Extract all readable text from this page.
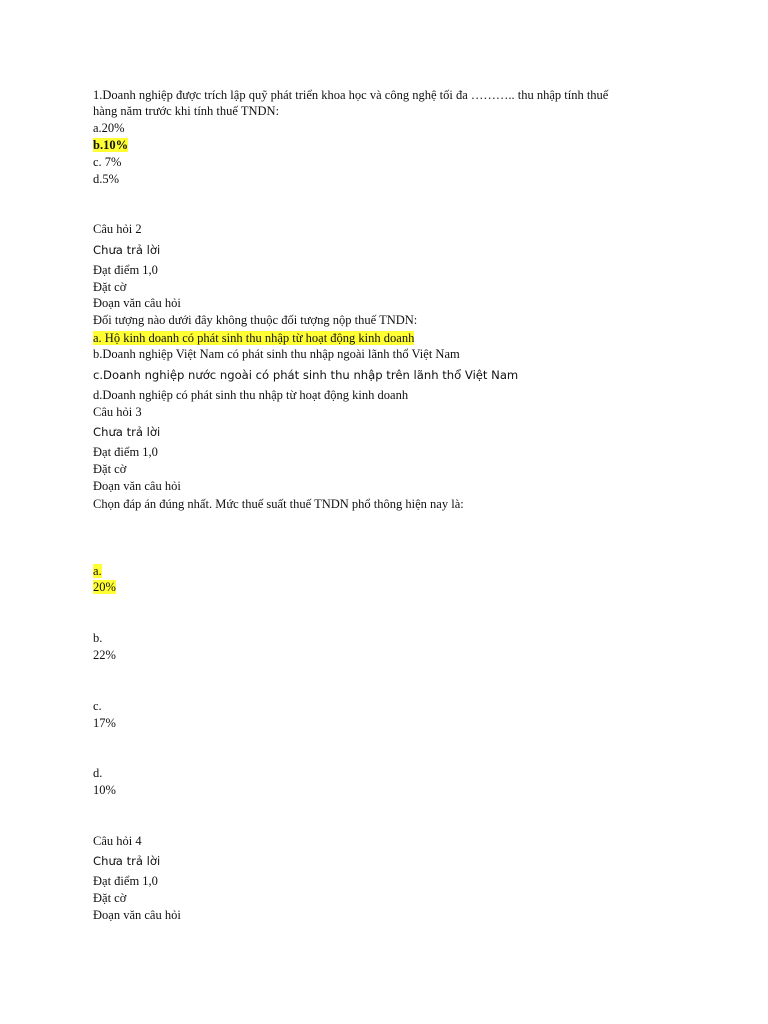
1.Doanh nghiệp được trích lập quỹ phát triển khoa học và công nghệ tối đa ……….. thu nhập tính thuế
hàng năm trước khi tính thuế TNDN:
a.20%
b.10%
c. 7%
d.5%
Câu hỏi 2
Chưa trả lời
Đạt điểm 1,0
Đặt cờ
Đoạn văn câu hỏi
Đối tượng nào dưới đây không thuộc đối tượng nộp thuế TNDN:
a. Hộ kinh doanh có phát sinh thu nhập từ hoạt động kinh doanh
b.Doanh nghiệp Việt Nam có phát sinh thu nhập ngoài lãnh thổ Việt Nam
c.Doanh nghiệp nước ngoài có phát sinh thu nhập trên lãnh thổ Việt Nam
d.Doanh nghiệp có phát sinh thu nhập từ hoạt động kinh doanh
Câu hỏi 3
Chưa trả lời
Đạt điểm 1,0
Đặt cờ
Đoạn văn câu hỏi
Chọn đáp án đúng nhất. Mức thuế suất thuế TNDN phổ thông hiện nay là:
a.
20%
b.
22%
c.
17%
d.
10%
Câu hỏi 4
Chưa trả lời
Đạt điểm 1,0
Đặt cờ
Đoạn văn câu hỏi
